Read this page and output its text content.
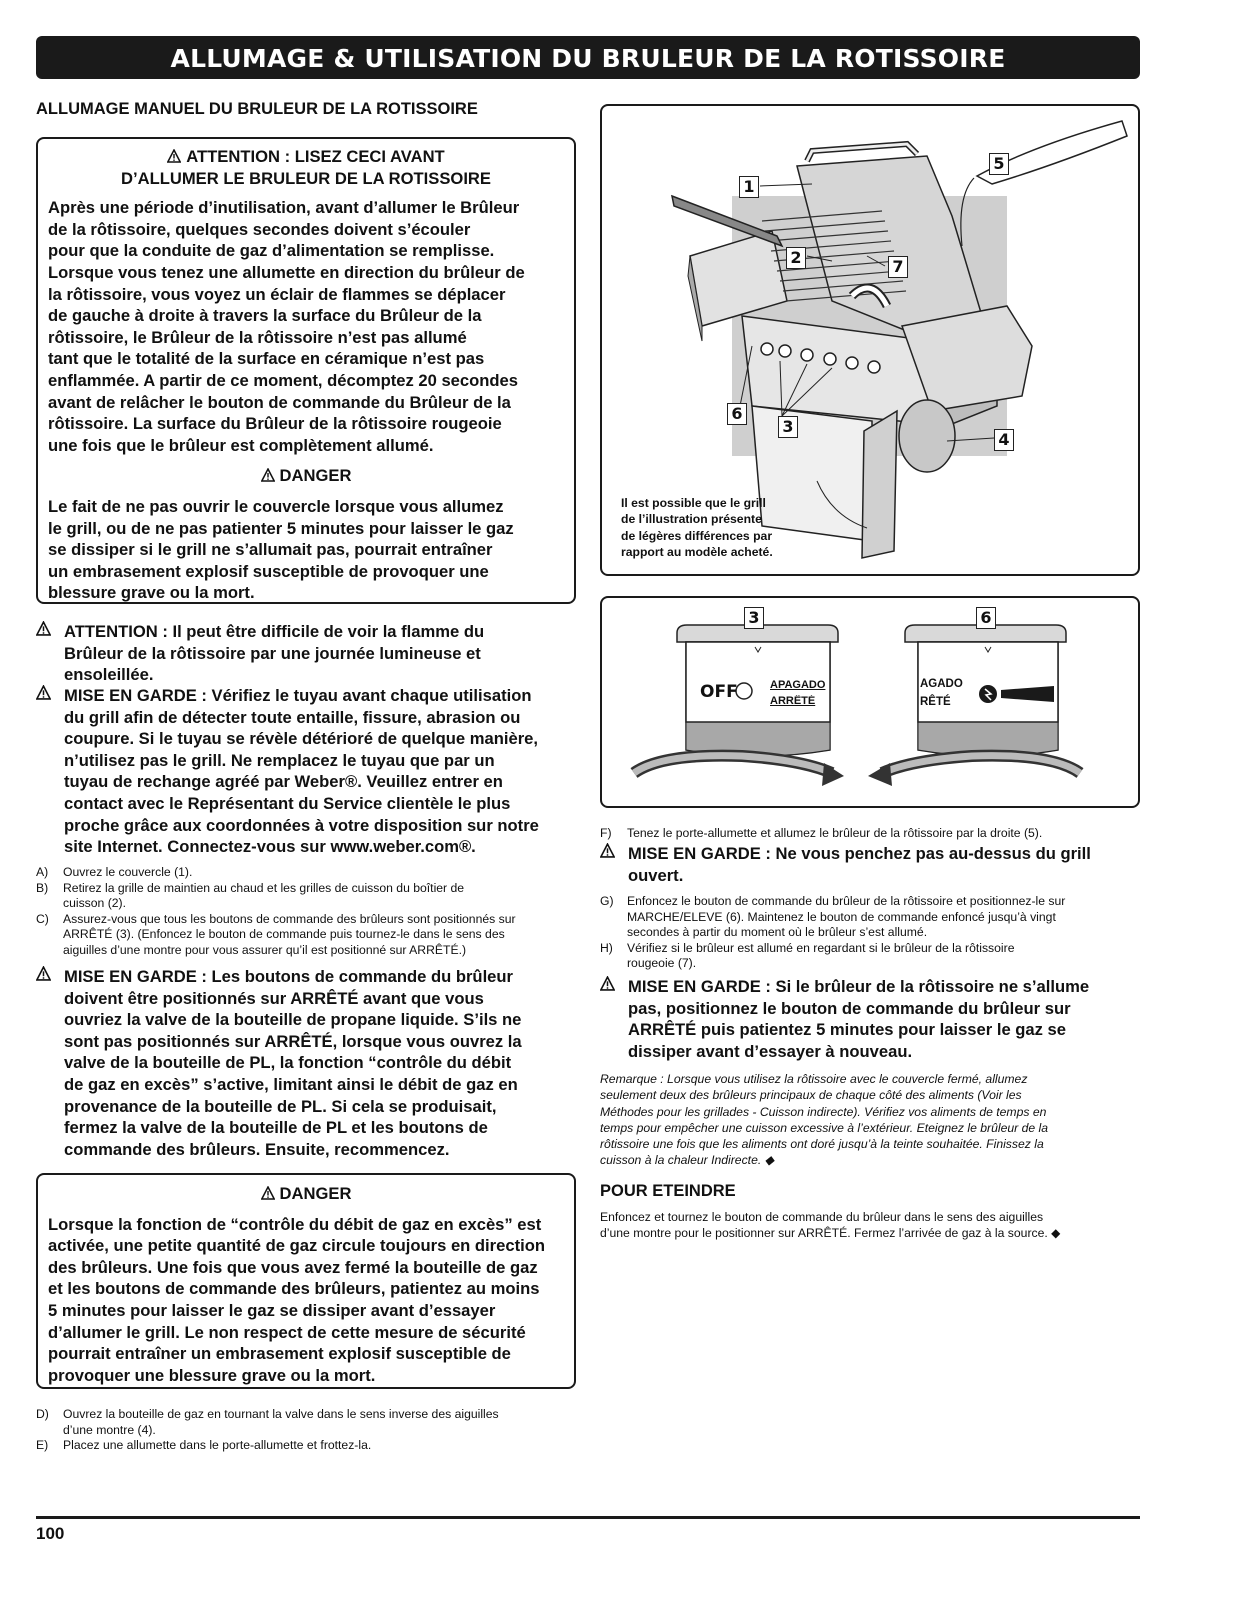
ALLUMAGE & UTILISATION DU BRULEUR DE LA ROTISSOIRE
ALLUMAGE MANUEL DU BRULEUR DE LA ROTISSOIRE
ATTENTION : LISEZ CECI AVANT
D’ALLUMER LE BRULEUR DE LA ROTISSOIRE
Après une période d’inutilisation, avant d’allumer le Brûleur
de la rôtissoire, quelques secondes doivent s’écouler
pour que la conduite de gaz d’alimentation se remplisse.
Lorsque vous tenez une allumette en direction du brûleur de
la rôtissoire, vous voyez un éclair de flammes se déplacer
de gauche à droite à travers la surface du Brûleur de la
rôtissoire, le Brûleur de la rôtissoire n’est pas allumé
tant que le totalité de la surface en céramique n’est pas
enflammée. A partir de ce moment, décomptez 20 secondes
avant de relâcher le bouton de commande du Brûleur de la
rôtissoire. La surface du Brûleur de la rôtissoire rougeoie
une fois que le brûleur est complètement allumé.
DANGER
Le fait de ne pas ouvrir le couvercle lorsque vous allumez
le grill, ou de ne pas patienter 5 minutes pour laisser le gaz
se dissiper si le grill ne s’allumait pas, pourrait entraîner
un embrasement explosif susceptible de provoquer une
blessure grave ou la mort.
ATTENTION : Il peut être difficile de voir la flamme du
Brûleur de la rôtissoire par une journée lumineuse et
ensoleillée.
MISE EN GARDE : Vérifiez le tuyau avant chaque utilisation
du grill afin de détecter toute entaille, fissure, abrasion ou
coupure. Si le tuyau se révèle détérioré de quelque manière,
n’utilisez pas le grill. Ne remplacez le tuyau que par un
tuyau de rechange agréé par Weber®. Veuillez entrer en
contact avec le Représentant du Service clientèle le plus
proche grâce aux coordonnées à votre disposition sur notre
site Internet. Connectez-vous sur www.weber.com®.
A)	Ouvrez le couvercle (1).
B)	Retirez la grille de maintien au chaud et les grilles de cuisson du boîtier de
cuisson (2).
C)	Assurez-vous que tous les boutons de commande des brûleurs sont positionnés sur
ARRÊTÉ (3). (Enfoncez le bouton de commande puis tournez-le dans le sens des
aiguilles d’une montre pour vous assurer qu’il est positionné sur ARRÊTÉ.)
MISE EN GARDE : Les boutons de commande du brûleur
doivent être positionnés sur ARRÊTÉ avant que vous
ouvriez la valve de la bouteille de propane liquide. S’ils ne
sont pas positionnés sur ARRÊTÉ, lorsque vous ouvrez la
valve de la bouteille de PL, la fonction “contrôle du débit
de gaz en excès” s’active, limitant ainsi le débit de gaz en
provenance de la bouteille de PL. Si cela se produisait,
fermez la valve de la bouteille de PL et les boutons de
commande des brûleurs. Ensuite, recommencez.
DANGER
Lorsque la fonction de “contrôle du débit de gaz en excès” est
activée, une petite quantité de gaz circule toujours en direction
des brûleurs. Une fois que vous avez fermé la bouteille de gaz
et les boutons de commande des brûleurs, patientez au moins
5 minutes pour laisser le gaz se dissiper avant d’essayer
d’allumer le grill. Le non respect de cette mesure de sécurité
pourrait entraîner un embrasement explosif susceptible de
provoquer une blessure grave ou la mort.
D)	Ouvrez la bouteille de gaz en tournant la valve dans le sens inverse des aiguilles
d’une montre (4).
E)	Placez une allumette dans le porte-allumette et frottez-la.
1
2
3
4
5
6
7
Il est possible que le grill
de l’illustration présente
de légères différences par
rapport au modèle acheté.
3	6
OFF	APAGADO
ARRÊTÉ
AGADO
RÊTÉ
F)	Tenez le porte-allumette et allumez le brûleur de la rôtissoire par la droite (5).
MISE EN GARDE : Ne vous penchez pas au-dessus du grill
ouvert.
G)	Enfoncez le bouton de commande du brûleur de la rôtissoire et positionnez-le sur
MARCHE/ELEVE (6). Maintenez le bouton de commande enfoncé jusqu’à vingt
secondes à partir du moment où le brûleur s’est allumé.
H)	Vérifiez si le brûleur est allumé en regardant si le brûleur de la rôtissoire
rougeoie (7).
MISE EN GARDE : Si le brûleur de la rôtissoire ne s’allume
pas, positionnez le bouton de commande du brûleur sur
ARRÊTÉ puis patientez 5 minutes pour laisser le gaz se
dissiper avant d’essayer à nouveau.
Remarque : Lorsque vous utilisez la rôtissoire avec le couvercle fermé, allumez
seulement deux des brûleurs principaux de chaque côté des aliments (Voir les
Méthodes pour les grillades - Cuisson indirecte). Vérifiez vos aliments de temps en
temps pour empêcher une cuisson excessive à l’extérieur. Eteignez le brûleur de la
rôtissoire une fois que les aliments ont doré jusqu’à la teinte souhaitée. Finissez la
cuisson à la chaleur Indirecte. ◆
POUR ETEINDRE
Enfoncez et tournez le bouton de commande du brûleur dans le sens des aiguilles
d’une montre pour le positionner sur ARRÊTÉ. Fermez l’arrivée de gaz à la source. ◆
100
